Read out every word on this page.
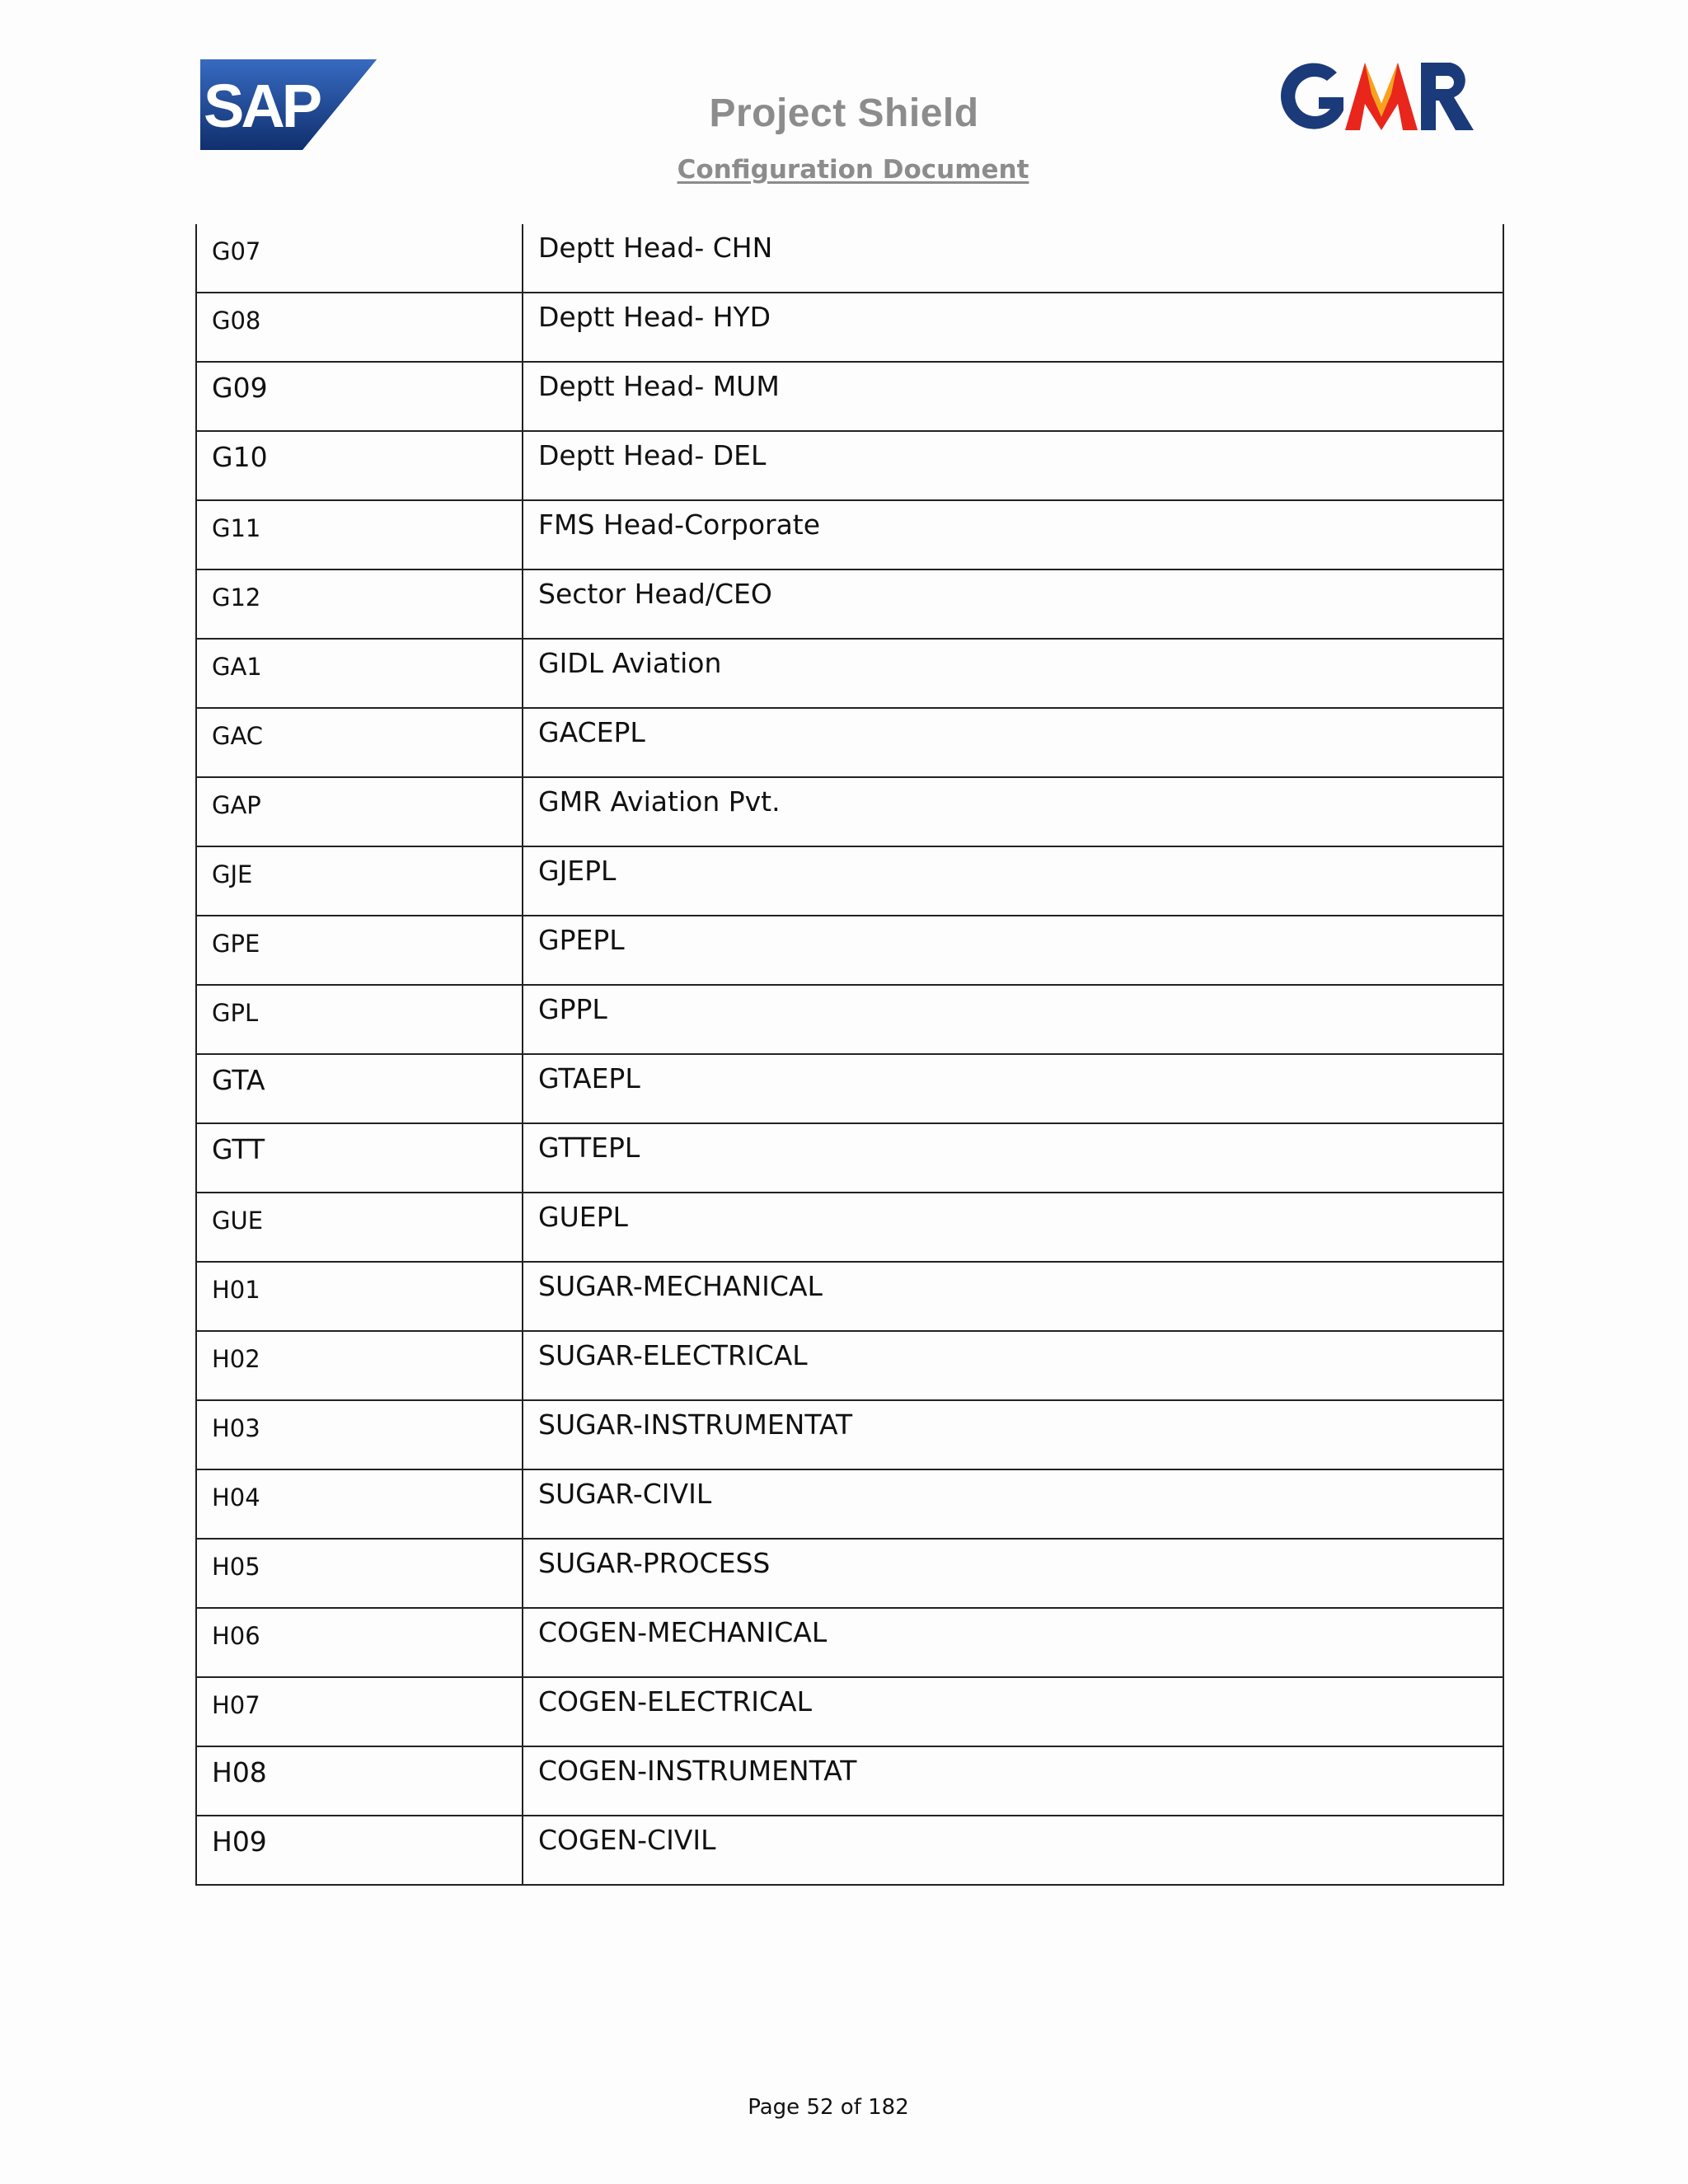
SAP	Project Shield
Configuration Document
G07	Deptt Head- CHN

G08	Deptt Head- HYD

G09	Deptt Head- MUM

G10	Deptt Head- DEL

G11	FMS Head-Corporate

G12	Sector Head/CEO

GA1	GIDL Aviation

GAC	GACEPL

GAP	GMR Aviation Pvt.

GJE	GJEPL

GPE	GPEPL

GPL	GPPL

GTA	GTAEPL

GTT	GTTEPL

GUE	GUEPL

H01	SUGAR-MECHANICAL

H02	SUGAR-ELECTRICAL

H03	SUGAR-INSTRUMENTAT

H04	SUGAR-CIVIL

H05	SUGAR-PROCESS

H06	COGEN-MECHANICAL

H07	COGEN-ELECTRICAL

H08	COGEN-INSTRUMENTAT

H09	COGEN-CIVIL
Page 52 of 182
